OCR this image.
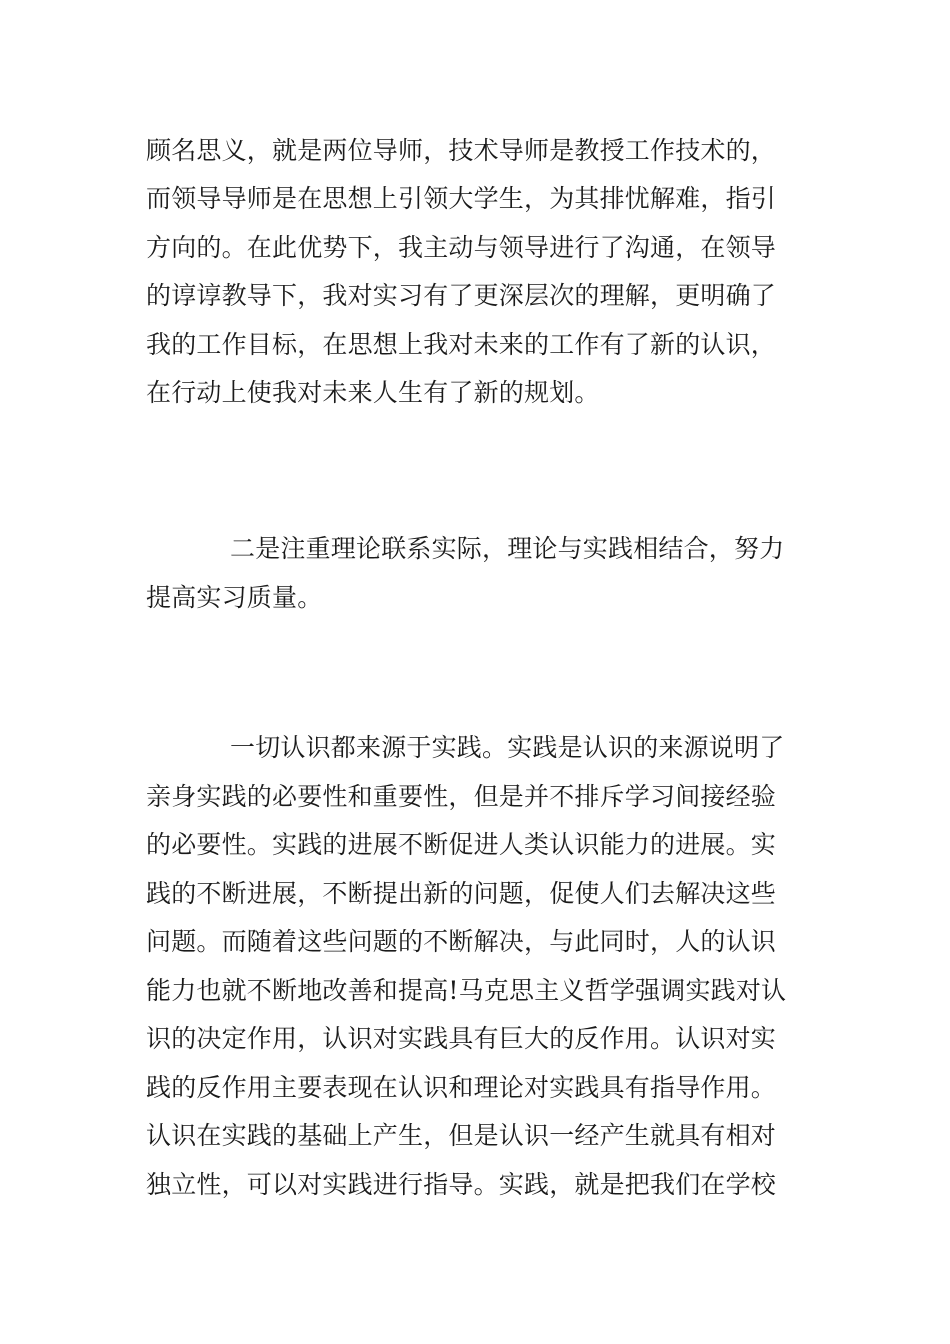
顾名思义，就是两位导师，技术导师是教授工作技术的，
而领导导师是在思想上引领大学生，为其排忧解难，指引
方向的。在此优势下，我主动与领导进行了沟通，在领导
的谆谆教导下，我对实习有了更深层次的理解，更明确了
我的工作目标，在思想上我对未来的工作有了新的认识，
在行动上使我对未来人生有了新的规划。
二是注重理论联系实际，理论与实践相结合，努力
提高实习质量。
一切认识都来源于实践。实践是认识的来源说明了
亲身实践的必要性和重要性，但是并不排斥学习间接经验
的必要性。实践的进展不断促进人类认识能力的进展。实
践的不断进展，不断提出新的问题，促使人们去解决这些
问题。而随着这些问题的不断解决，与此同时，人的认识
能力也就不断地改善和提高!马克思主义哲学强调实践对认
识的决定作用，认识对实践具有巨大的反作用。认识对实
践的反作用主要表现在认识和理论对实践具有指导作用。
认识在实践的基础上产生，但是认识一经产生就具有相对
独立性，可以对实践进行指导。实践，就是把我们在学校
